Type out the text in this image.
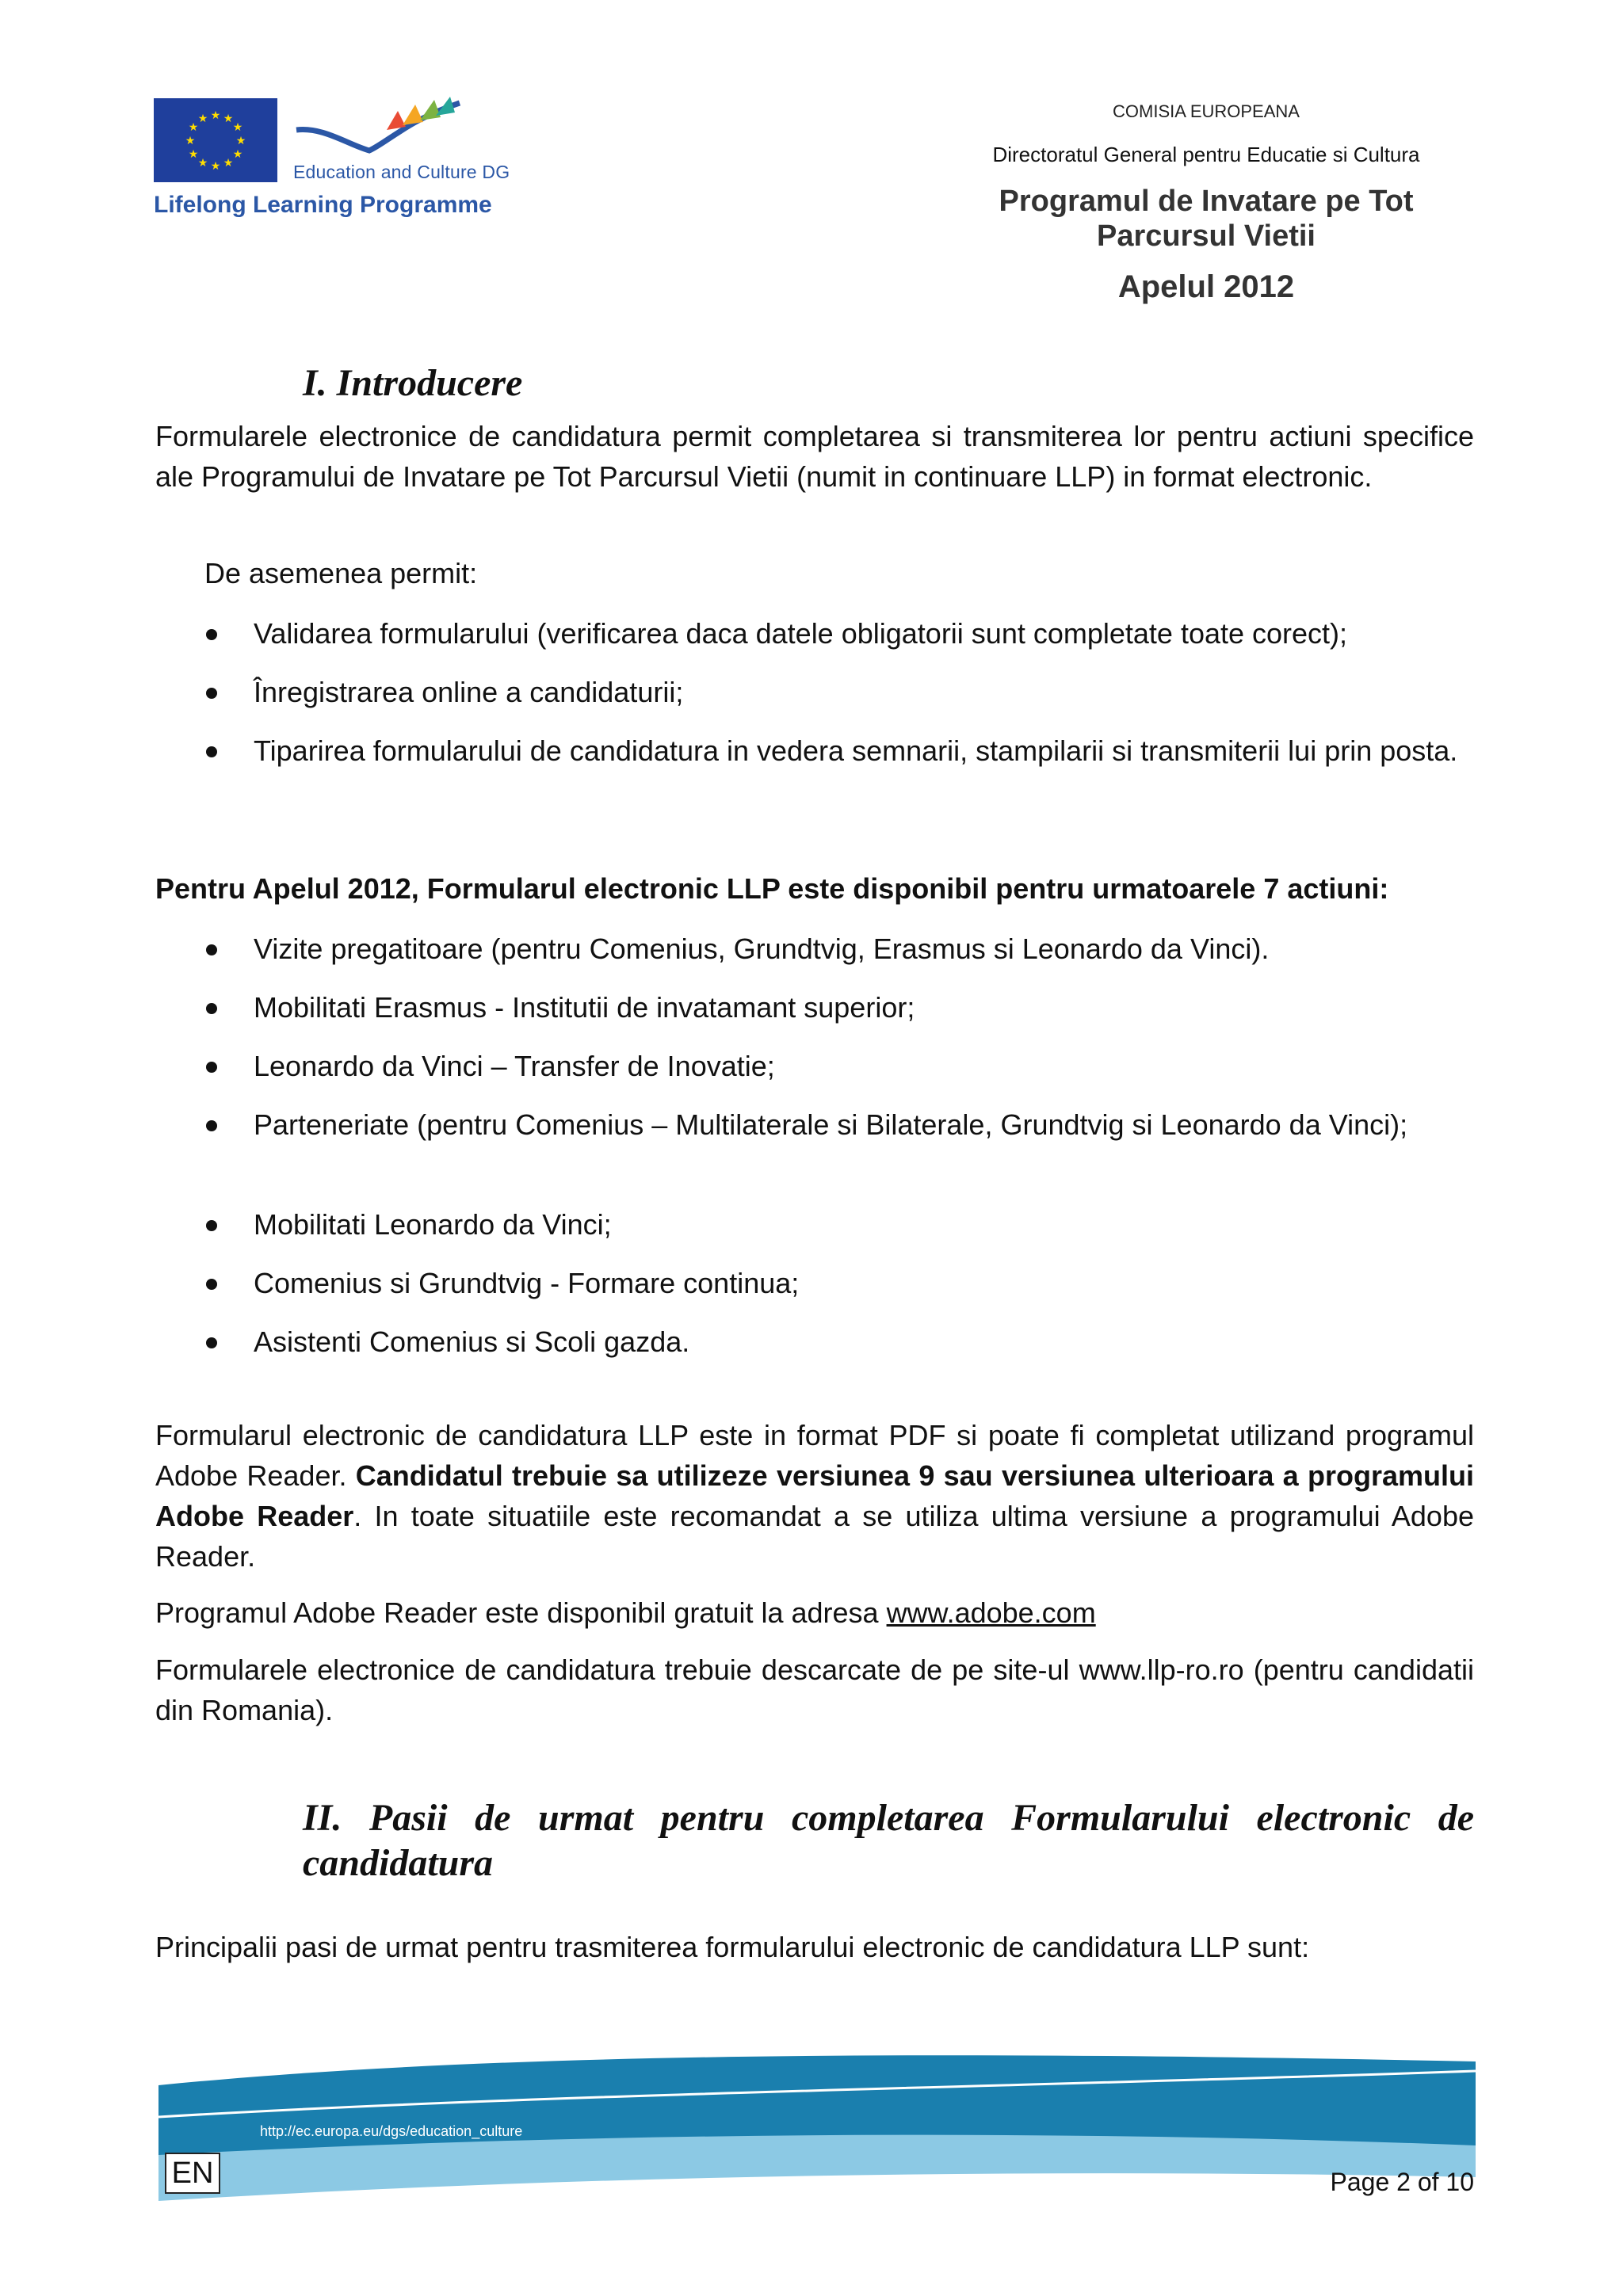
★ ★
★
★
★
★
★
★
★
★
★
★
Education and Culture DG
Lifelong Learning Programme
COMISIA EUROPEANA
Directoratul General pentru Educatie si Cultura
Programul de Invatare pe Tot Parcursul Vietii
Apelul 2012
I. Introducere
Formularele electronice de candidatura permit completarea si transmiterea lor pentru actiuni specifice ale Programului de Invatare pe Tot Parcursul Vietii (numit in continuare LLP) in format electronic.
De asemenea permit:
Validarea formularului (verificarea daca datele obligatorii sunt completate toate corect);
Înregistrarea online a candidaturii;
Tiparirea formularului de candidatura in vedera semnarii, stampilarii si transmiterii lui prin posta.
Pentru Apelul 2012, Formularul electronic LLP este disponibil pentru urmatoarele 7 actiuni:
Vizite pregatitoare (pentru Comenius, Grundtvig, Erasmus si Leonardo da Vinci).
Mobilitati Erasmus - Institutii de invatamant superior;
Leonardo da Vinci – Transfer de Inovatie;
Parteneriate (pentru Comenius – Multilaterale si Bilaterale, Grundtvig si Leonardo da Vinci);
Mobilitati Leonardo da Vinci;
Comenius si Grundtvig - Formare continua;
Asistenti Comenius si Scoli gazda.
Formularul electronic de candidatura LLP este in format PDF si poate fi completat utilizand programul Adobe Reader. Candidatul trebuie sa utilizeze versiunea 9 sau versiunea ulterioara a programului Adobe Reader. In toate situatiile este recomandat a se utiliza ultima versiune a programului Adobe Reader.
Programul Adobe Reader este disponibil gratuit la adresa www.adobe.com
Formularele electronice de candidatura trebuie descarcate de pe site-ul www.llp-ro.ro (pentru candidatii din Romania).
II. Pasii de urmat pentru completarea Formularului electronic de candidatura
Principalii pasi de urmat pentru trasmiterea formularului electronic de candidatura LLP sunt:
http://ec.europa.eu/dgs/education_culture
EN	Page 2 of 10
